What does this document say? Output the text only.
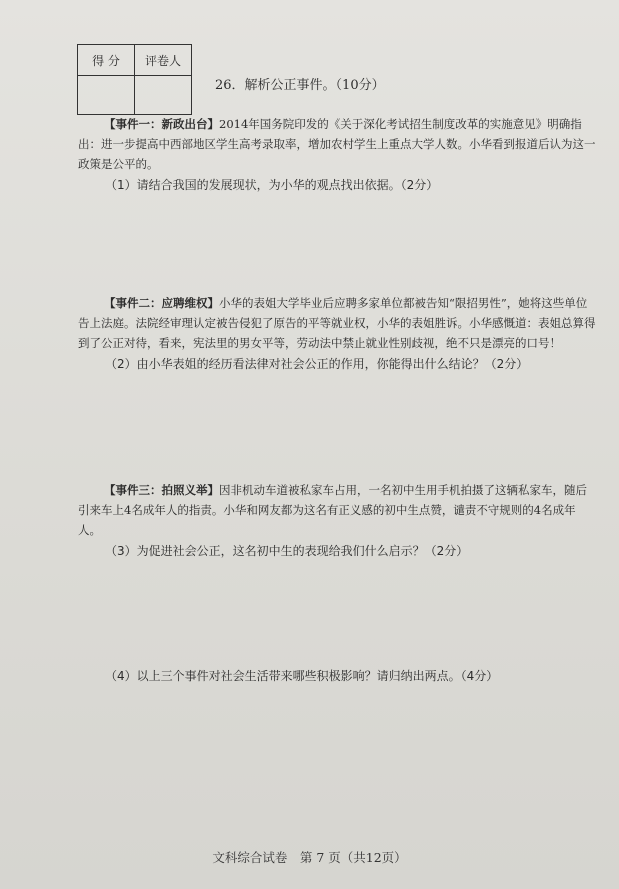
得 分	评卷人

26．解析公正事件。（10分）

【事件一：新政出台】2014年国务院印发的《关于深化考试招生制度改革的实施意见》明确指出：进一步提高中西部地区学生高考录取率，增加农村学生上重点大学人数。小华看到报道后认为这一政策是公平的。

（1）请结合我国的发展现状，为小华的观点找出依据。（2分）

【事件二：应聘维权】小华的表姐大学毕业后应聘多家单位都被告知“限招男性”，她将这些单位告上法庭。法院经审理认定被告侵犯了原告的平等就业权，小华的表姐胜诉。小华感慨道：表姐总算得到了公正对待，看来，宪法里的男女平等，劳动法中禁止就业性别歧视，绝不只是漂亮的口号！

（2）由小华表姐的经历看法律对社会公正的作用，你能得出什么结论？（2分）

【事件三：拍照义举】因非机动车道被私家车占用，一名初中生用手机拍摄了这辆私家车，随后引来车上4名成年人的指责。小华和网友都为这名有正义感的初中生点赞，谴责不守规则的4名成年人。

（3）为促进社会公正，这名初中生的表现给我们什么启示？（2分）

（4）以上三个事件对社会生活带来哪些积极影响？请归纳出两点。（4分）

文科综合试卷　第 7 页（共12页）
